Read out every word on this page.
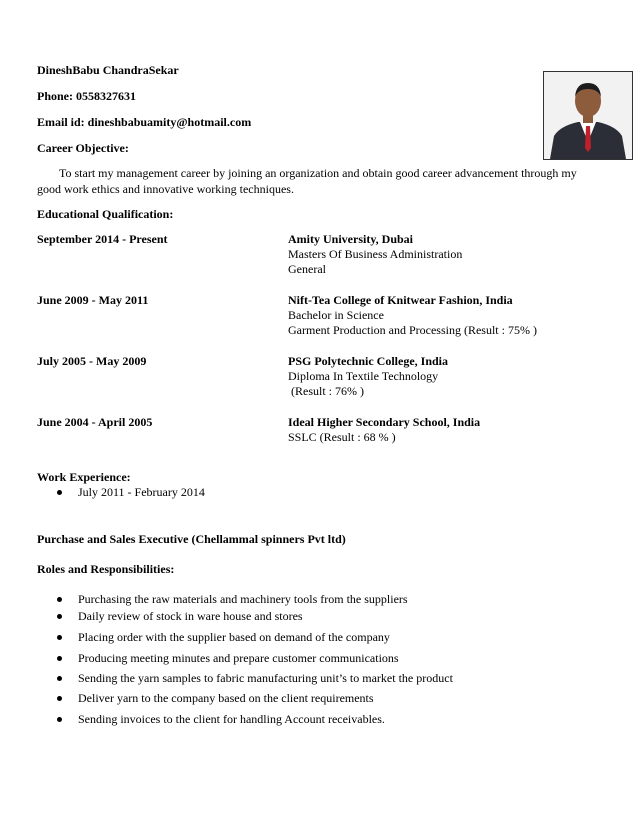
DineshBabu ChandraSekar
Phone: 0558327631
Email id: dineshbabuamity@hotmail.com
Career Objective:
To start my management career by joining an organization and obtain good career advancement through my good work ethics and innovative working techniques.
Educational Qualification:
September 2014 - Present	Amity University, Dubai
Masters Of Business Administration
General
June 2009 - May 2011	Nift-Tea College of Knitwear Fashion, India
Bachelor in Science
Garment Production and Processing (Result : 75% )
July 2005 - May 2009	PSG Polytechnic College, India
Diploma In Textile Technology
(Result : 76% )
June 2004 - April 2005	Ideal Higher Secondary School, India
SSLC (Result : 68 % )
Work Experience:
July 2011 - February 2014
Purchase and Sales Executive (Chellammal spinners Pvt ltd)
Roles and Responsibilities:
Purchasing the raw materials and machinery tools from the suppliers
Daily review of stock in ware house and stores
Placing order with the supplier based on demand of the company
Producing meeting minutes and prepare customer communications
Sending the yarn samples to fabric manufacturing unit’s to market the product
Deliver yarn to the company based on the client requirements
Sending invoices to the client for handling Account receivables.
